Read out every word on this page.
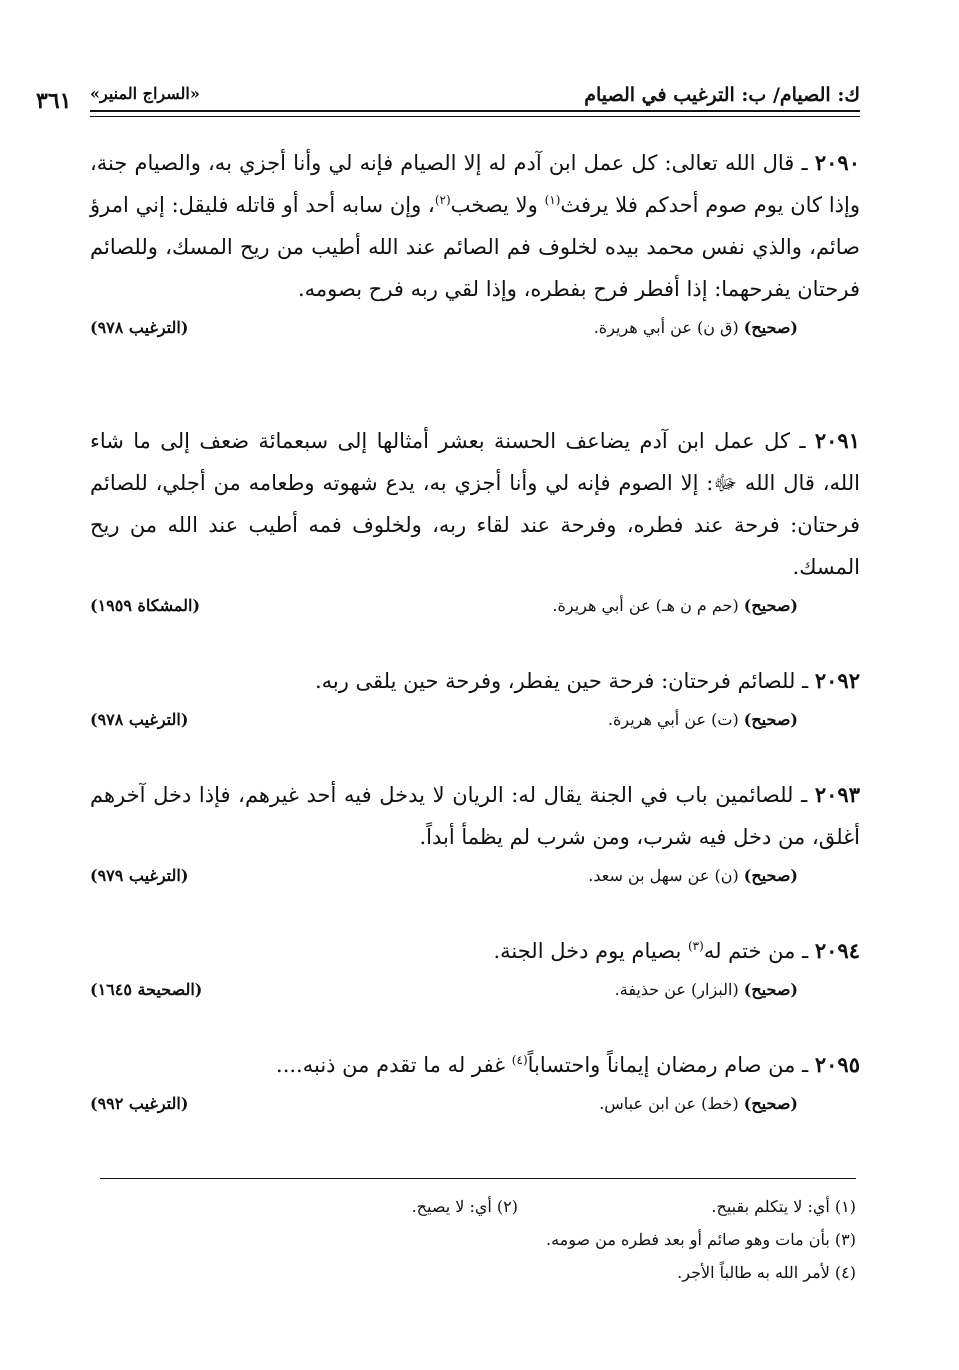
ك: الصيام/ ب: الترغيب في الصيام
«السراج المنير»
٣٦١

٢٠٩٠ ـ قال الله تعالى: كل عمل ابن آدم له إلا الصيام فإنه لي وأنا أجزي به، والصيام جنة، وإذا كان يوم صوم أحدكم فلا يرفث$^{(١)}$ ولا يصخب$^{(٢)}$، وإن سابه أحد أو قاتله فليقل: إني امرؤ صائم، والذي نفس محمد بيده لخلوف فم الصائم عند الله أطيب من ريح المسك، وللصائم فرحتان يفرحهما: إذا أفطر فرح بفطره، وإذا لقي ربه فرح بصومه.

(صحيح) (ق ن) عن أبي هريرة.
(الترغيب ٩٧٨)

٢٠٩١ ـ كل عمل ابن آدم يضاعف الحسنة بعشر أمثالها إلى سبعمائة ضعف إلى ما شاء الله، قال الله ﷻ: إلا الصوم فإنه لي وأنا أجزي به، يدع شهوته وطعامه من أجلي، للصائم فرحتان: فرحة عند فطره، وفرحة عند لقاء ربه، ولخلوف فمه أطيب عند الله من ريح المسك.

(صحيح) (حم م ن هـ) عن أبي هريرة.
(المشكاة ١٩٥٩)

٢٠٩٢ ـ للصائم فرحتان: فرحة حين يفطر، وفرحة حين يلقى ربه.

(صحيح) (ت) عن أبي هريرة.
(الترغيب ٩٧٨)

٢٠٩٣ ـ للصائمين باب في الجنة يقال له: الريان لا يدخل فيه أحد غيرهم، فإذا دخل آخرهم أغلق، من دخل فيه شرب، ومن شرب لم يظمأ أبداً.

(صحيح) (ن) عن سهل بن سعد.
(الترغيب ٩٧٩)

٢٠٩٤ ـ من ختم له$^{(٣)}$ بصيام يوم دخل الجنة.

(صحيح) (البزار) عن حذيفة.
(الصحيحة ١٦٤٥)

٢٠٩٥ ـ من صام رمضان إيماناً واحتساباً$^{(٤)}$ غفر له ما تقدم من ذنبه....

(صحيح) (خط) عن ابن عباس.
(الترغيب ٩٩٢)
(١) أي: لا يتكلم بقبيح.
(٢) أي: لا يصيح.
(٣) بأن مات وهو صائم أو بعد فطره من صومه.
(٤) لأمر الله به طالباً الأجر.
